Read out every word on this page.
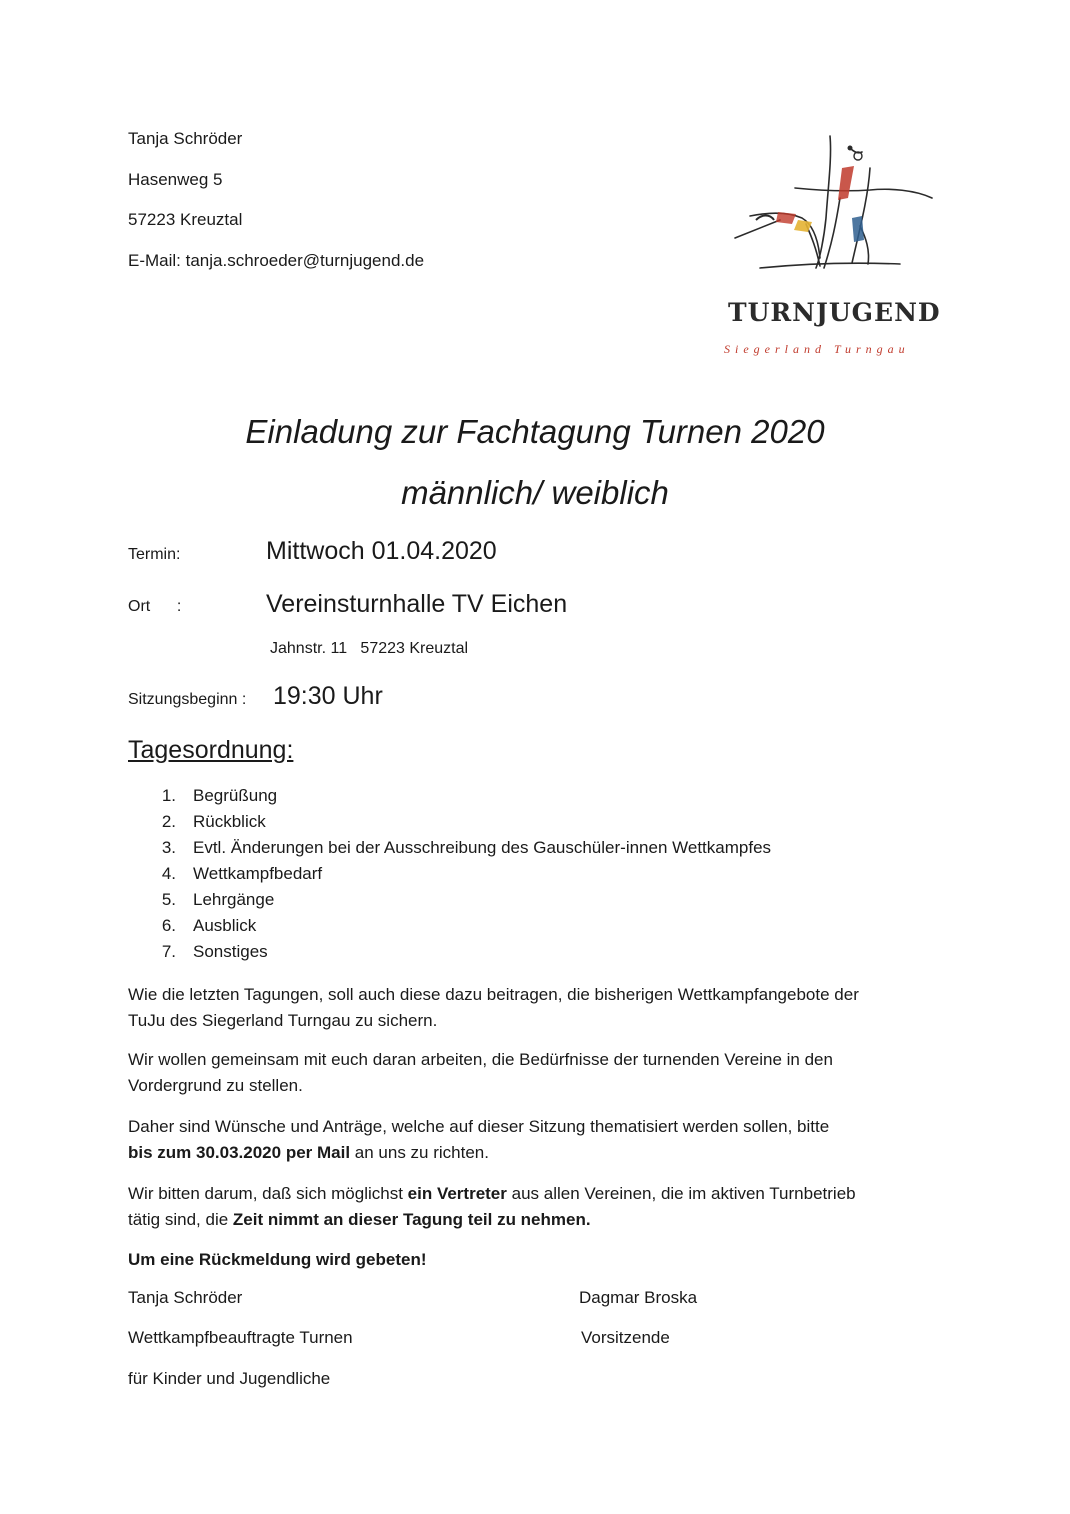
Tanja Schröder
Hasenweg 5
57223 Kreuztal
E-Mail: tanja.schroeder@turnjugend.de
TURNJUGEND
Siegerland Turngau
Einladung zur Fachtagung Turnen 2020
männlich/ weiblich
Termin:	Mittwoch 01.04.2020
Ort      :	Vereinsturnhalle TV Eichen
Jahnstr. 11   57223 Kreuztal
Sitzungsbeginn : 19:30 Uhr
Tagesordnung:
1. Begrüßung
2. Rückblick
3. Evtl. Änderungen bei der Ausschreibung des Gauschüler-innen Wettkampfes
4. Wettkampfbedarf
5. Lehrgänge
6. Ausblick
7. Sonstiges
Wie die letzten Tagungen, soll auch diese dazu beitragen, die bisherigen Wettkampfangebote der
TuJu des Siegerland Turngau zu sichern.
Wir wollen gemeinsam mit euch daran arbeiten, die Bedürfnisse der turnenden Vereine in den
Vordergrund zu stellen.
Daher sind Wünsche und Anträge, welche auf dieser Sitzung thematisiert werden sollen, bitte
bis zum 30.03.2020 per Mail an uns zu richten.
Wir bitten darum, daß sich möglichst ein Vertreter aus allen Vereinen, die im aktiven Turnbetrieb
tätig sind, die Zeit nimmt an dieser Tagung teil zu nehmen.
Um eine Rückmeldung wird gebeten!
Tanja Schröder	Dagmar Broska
Wettkampfbeauftragte Turnen	Vorsitzende
für Kinder und Jugendliche
